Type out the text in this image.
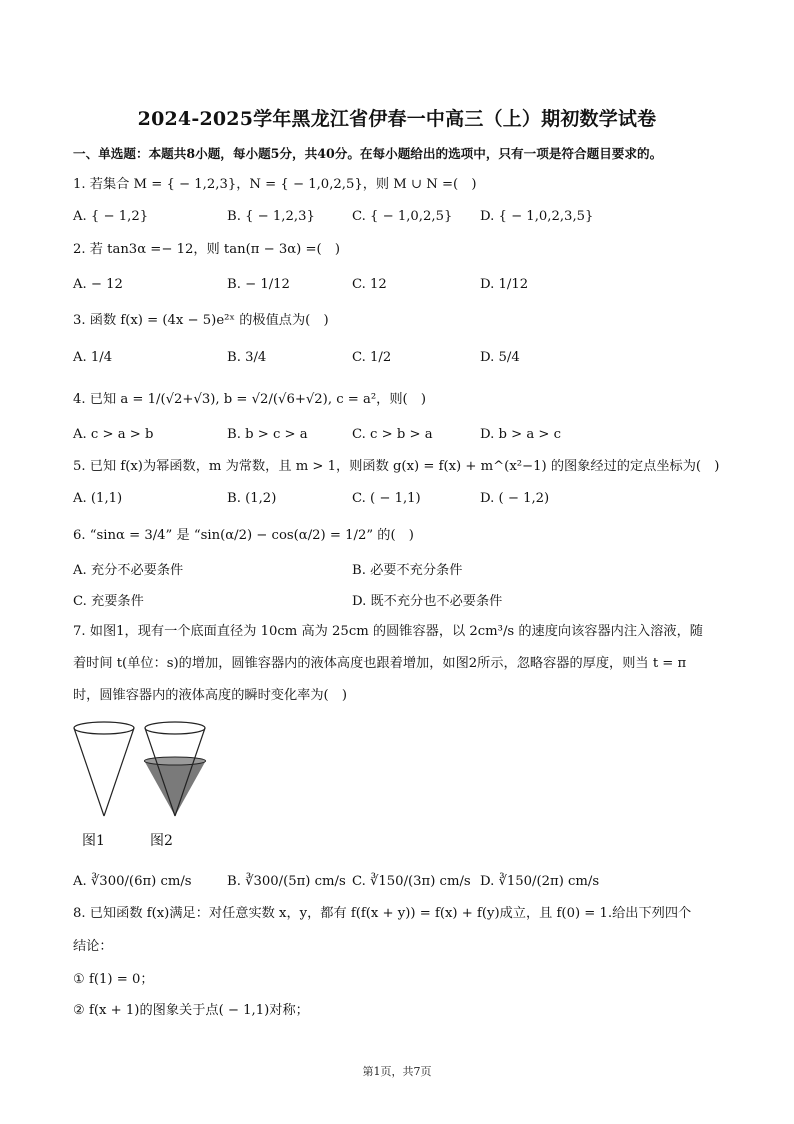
2024-2025学年黑龙江省伊春一中高三（上）期初数学试卷
一、单选题：本题共8小题，每小题5分，共40分。在每小题给出的选项中，只有一项是符合题目要求的。
1. 若集合 M = { − 1,2,3}，N = { − 1,0,2,5}，则 M ∪ N =(　)
A. { − 1,2}	B. { − 1,2,3}	C. { − 1,0,2,5} D. { − 1,0,2,3,5}
2. 若 tan3α =− 12，则 tan(π − 3α) =(　)
A. − 12	B. − 1/12	C. 12	D. 1/12
3. 函数 f(x) = (4x − 5)e²ˣ 的极值点为(　)
A. 1/4	B. 3/4	C. 1/2	D. 5/4
4. 已知 a = 1/(√2+√3), b = √2/(√6+√2), c = a²，则(　)
A. c > a > b	B. b > c > a	C. c > b > a	D. b > a > c
5. 已知 f(x)为幂函数，m 为常数，且 m > 1，则函数 g(x) = f(x) + m^(x²−1) 的图象经过的定点坐标为(　)
A. (1,1)	B. (1,2)	C. ( − 1,1)	D. ( − 1,2)
6. “sinα = 3/4” 是 “sin(α/2) − cos(α/2) = 1/2” 的(　)
A. 充分不必要条件	B. 必要不充分条件
C. 充要条件	D. 既不充分也不必要条件
7. 如图1，现有一个底面直径为 10cm 高为 25cm 的圆锥容器，以 2cm³/s 的速度向该容器内注入溶液，随
着时间 t(单位：s)的增加，圆锥容器内的液体高度也跟着增加，如图2所示，忽略容器的厚度，则当 t = π
时，圆锥容器内的液体高度的瞬时变化率为(　)
图1	图2
A. ∛300/(6π) cm/s	B. ∛300/(5π) cm/s C. ∛150/(3π) cm/s D. ∛150/(2π) cm/s
8. 已知函数 f(x)满足：对任意实数 x，y，都有 f(f(x + y)) = f(x) + f(y)成立，且 f(0) = 1.给出下列四个
结论：
① f(1) = 0；
② f(x + 1)的图象关于点( − 1,1)对称；
第1页，共7页
